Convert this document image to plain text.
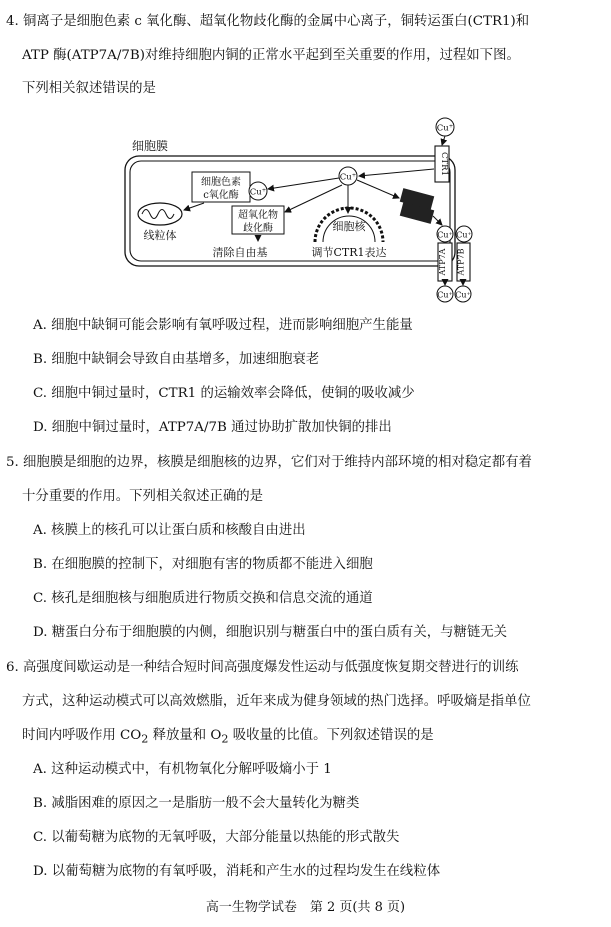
4. 铜离子是细胞色素 c 氧化酶、超氧化物歧化酶的金属中心离子，铜转运蛋白(CTR1)和
ATP 酶(ATP7A/7B)对维持细胞内铜的正常水平起到至关重要的作用，过程如下图。
下列相关叙述错误的是
细胞膜
CTR1
Cu⁺
Cu⁺
细胞色素
c氧化酶 Cu⁺
超氧化物
歧化酶
线粒体
细胞核
清除自由基	调节CTR1表达
Cu⁺ Cu⁺
ATP7A ATP7B
Cu⁺ Cu⁺
A. 细胞中缺铜可能会影响有氧呼吸过程，进而影响细胞产生能量
B. 细胞中缺铜会导致自由基增多，加速细胞衰老
C. 细胞中铜过量时，CTR1 的运输效率会降低，使铜的吸收减少
D. 细胞中铜过量时，ATP7A/7B 通过协助扩散加快铜的排出
5. 细胞膜是细胞的边界，核膜是细胞核的边界，它们对于维持内部环境的相对稳定都有着
十分重要的作用。下列相关叙述正确的是
A. 核膜上的核孔可以让蛋白质和核酸自由进出
B. 在细胞膜的控制下，对细胞有害的物质都不能进入细胞
C. 核孔是细胞核与细胞质进行物质交换和信息交流的通道
D. 糖蛋白分布于细胞膜的内侧，细胞识别与糖蛋白中的蛋白质有关，与糖链无关
6. 高强度间歇运动是一种结合短时间高强度爆发性运动与低强度恢复期交替进行的训练
方式，这种运动模式可以高效燃脂，近年来成为健身领域的热门选择。呼吸熵是指单位
时间内呼吸作用 $CO_2$ 释放量和 $O_2$ 吸收量的比值。下列叙述错误的是
A. 这种运动模式中，有机物氧化分解呼吸熵小于 1
B. 减脂困难的原因之一是脂肪一般不会大量转化为糖类
C. 以葡萄糖为底物的无氧呼吸，大部分能量以热能的形式散失
D. 以葡萄糖为底物的有氧呼吸，消耗和产生水的过程均发生在线粒体
高一生物学试卷　第 2 页(共 8 页)
